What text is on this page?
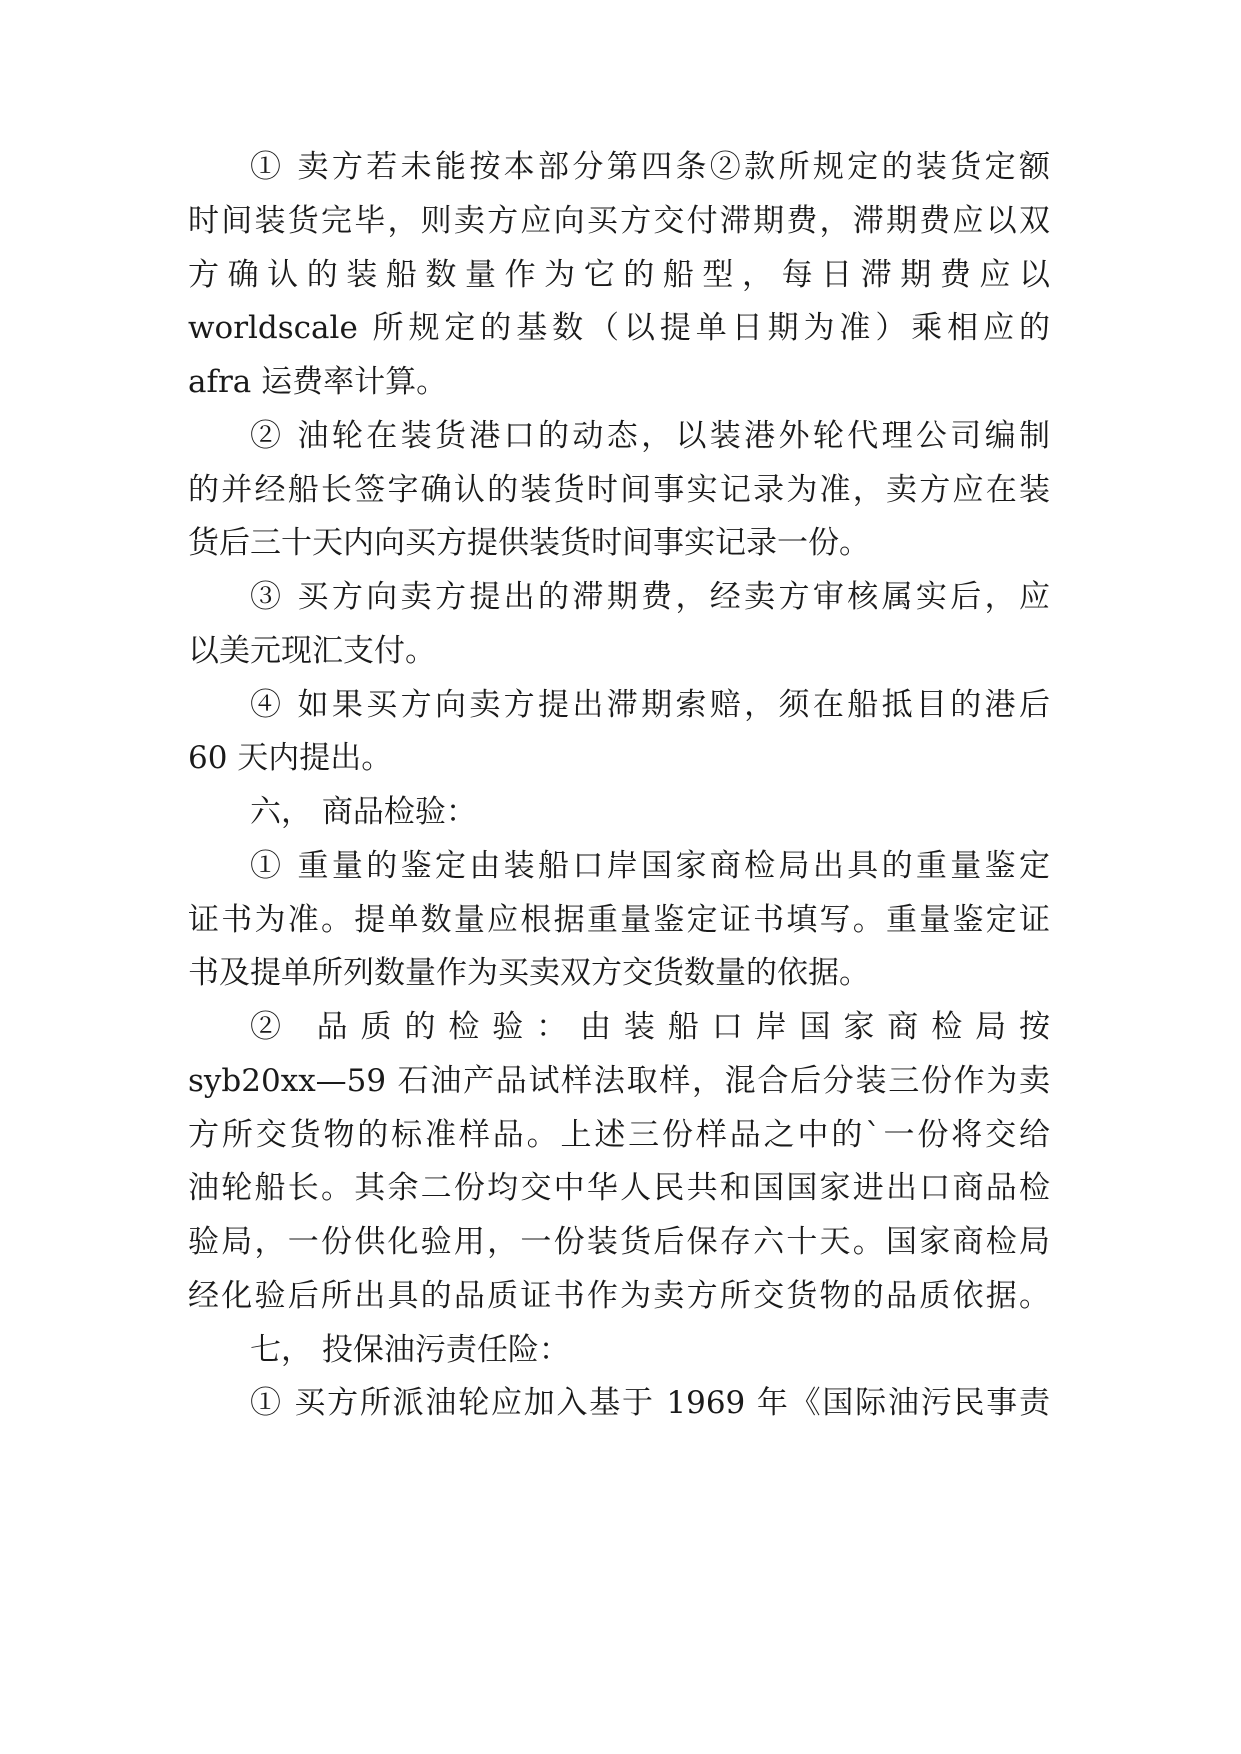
① 卖方若未能按本部分第四条②款所规定的装货定额
时间装货完毕，则卖方应向买方交付滞期费，滞期费应以双
方确认的装船数量作为它的船型，每日滞期费应以
worldscale 所规定的基数（以提单日期为准）乘相应的
afra 运费率计算。
② 油轮在装货港口的动态，以装港外轮代理公司编制
的并经船长签字确认的装货时间事实记录为准，卖方应在装
货后三十天内向买方提供装货时间事实记录一份。
③ 买方向卖方提出的滞期费，经卖方审核属实后，应
以美元现汇支付。
④ 如果买方向卖方提出滞期索赔，须在船抵目的港后
60 天内提出。
六， 商品检验：
① 重量的鉴定由装船口岸国家商检局出具的重量鉴定
证书为准。提单数量应根据重量鉴定证书填写。重量鉴定证
书及提单所列数量作为买卖双方交货数量的依据。
② 品质的检验：由装船口岸国家商检局按
syb20xx—59 石油产品试样法取样，混合后分装三份作为卖
方所交货物的标准样品。上述三份样品之中的`一份将交给
油轮船长。其余二份均交中华人民共和国国家进出口商品检
验局，一份供化验用，一份装货后保存六十天。国家商检局
经化验后所出具的品质证书作为卖方所交货物的品质依据。
七， 投保油污责任险：
① 买方所派油轮应加入基于 1969 年《国际油污民事责
